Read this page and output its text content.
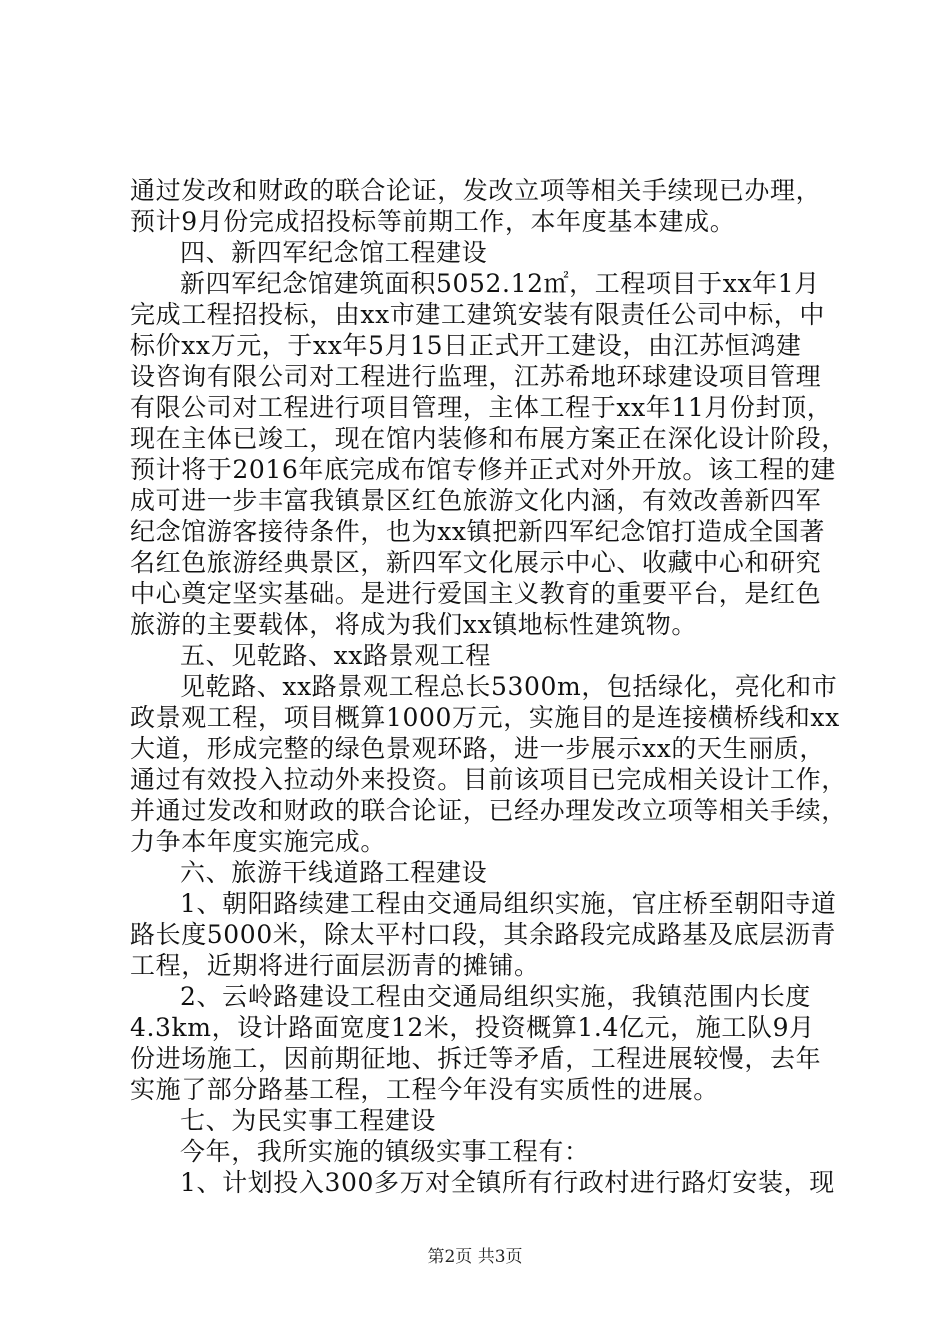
通过发改和财政的联合论证，发改立项等相关手续现已办理，
预计9月份完成招投标等前期工作，本年度基本建成。
四、新四军纪念馆工程建设
新四军纪念馆建筑面积5052.12㎡，工程项目于xx年1月
完成工程招投标，由xx市建工建筑安装有限责任公司中标，中
标价xx万元，于xx年5月15日正式开工建设，由江苏恒鸿建
设咨询有限公司对工程进行监理，江苏希地环球建设项目管理
有限公司对工程进行项目管理，主体工程于xx年11月份封顶，
现在主体已竣工，现在馆内装修和布展方案正在深化设计阶段，
预计将于2016年底完成布馆专修并正式对外开放。该工程的建
成可进一步丰富我镇景区红色旅游文化内涵，有效改善新四军
纪念馆游客接待条件，也为xx镇把新四军纪念馆打造成全国著
名红色旅游经典景区，新四军文化展示中心、收藏中心和研究
中心奠定坚实基础。是进行爱国主义教育的重要平台，是红色
旅游的主要载体，将成为我们xx镇地标性建筑物。
五、见乾路、xx路景观工程
见乾路、xx路景观工程总长5300m，包括绿化，亮化和市
政景观工程，项目概算1000万元，实施目的是连接横桥线和xx
大道，形成完整的绿色景观环路，进一步展示xx的天生丽质，
通过有效投入拉动外来投资。目前该项目已完成相关设计工作，
并通过发改和财政的联合论证，已经办理发改立项等相关手续，
力争本年度实施完成。
六、旅游干线道路工程建设
1、朝阳路续建工程由交通局组织实施，官庄桥至朝阳寺道
路长度5000米，除太平村口段，其余路段完成路基及底层沥青
工程，近期将进行面层沥青的摊铺。
2、云岭路建设工程由交通局组织实施，我镇范围内长度
4.3km，设计路面宽度12米，投资概算1.4亿元，施工队9月
份进场施工，因前期征地、拆迁等矛盾，工程进展较慢，去年
实施了部分路基工程，工程今年没有实质性的进展。
七、为民实事工程建设
今年，我所实施的镇级实事工程有：
1、计划投入300多万对全镇所有行政村进行路灯安装，现
第2页 共3页
